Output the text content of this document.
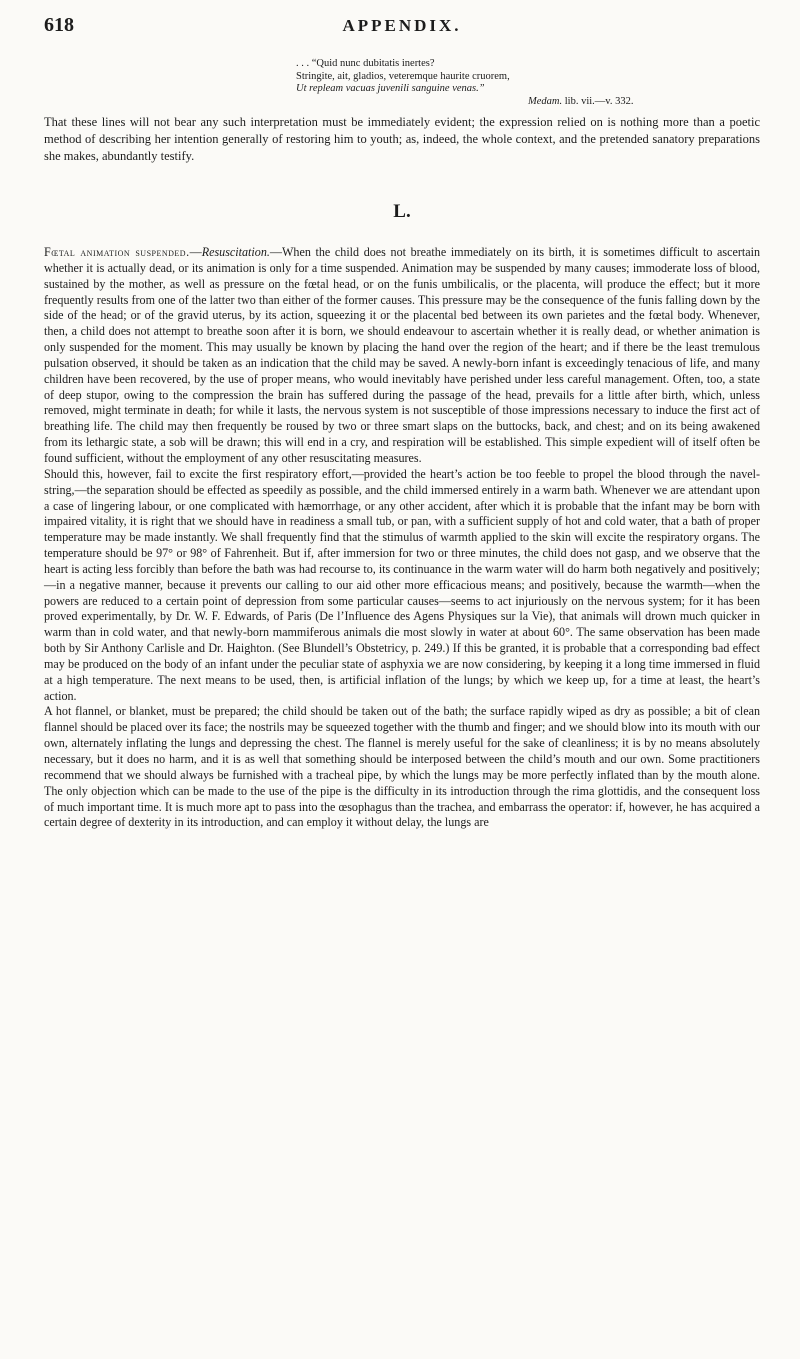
618	APPENDIX.
. . . “Quid nunc dubitatis inertes?
Stringite, ait, gladios, veteremque haurite cruorem,
Ut repleam vacuas juvenili sanguine venas.”
Medam. lib. vii.—v. 332.

That these lines will not bear any such interpretation must be immediately evident; the expression relied on is nothing more than a poetic method of describing her intention generally of restoring him to youth; as, indeed, the whole context, and the pretended sanatory preparations she makes, abundantly testify.

L.

Fœtal animation suspended.—Resuscitation.—When the child does not breathe immediately on its birth, it is sometimes difficult to ascertain whether it is actually dead, or its animation is only for a time suspended. Animation may be suspended by many causes; immoderate loss of blood, sustained by the mother, as well as pressure on the fœtal head, or on the funis umbilicalis, or the placenta, will produce the effect; but it more frequently results from one of the latter two than either of the former causes. This pressure may be the consequence of the funis falling down by the side of the head; or of the gravid uterus, by its action, squeezing it or the placental bed between its own parietes and the fœtal body. Whenever, then, a child does not attempt to breathe soon after it is born, we should endeavour to ascertain whether it is really dead, or whether animation is only suspended for the moment. This may usually be known by placing the hand over the region of the heart; and if there be the least tremulous pulsation observed, it should be taken as an indication that the child may be saved. A newly-born infant is exceedingly tenacious of life, and many children have been recovered, by the use of proper means, who would inevitably have perished under less careful management. Often, too, a state of deep stupor, owing to the compression the brain has suffered during the passage of the head, prevails for a little after birth, which, unless removed, might terminate in death; for while it lasts, the nervous system is not susceptible of those impressions necessary to induce the first act of breathing life. The child may then frequently be roused by two or three smart slaps on the buttocks, back, and chest; and on its being awakened from its lethargic state, a sob will be drawn; this will end in a cry, and respiration will be established. This simple expedient will of itself often be found sufficient, without the employment of any other resuscitating measures.

Should this, however, fail to excite the first respiratory effort,—provided the heart’s action be too feeble to propel the blood through the navel-string,—the separation should be effected as speedily as possible, and the child immersed entirely in a warm bath. Whenever we are attendant upon a case of lingering labour, or one complicated with hæmorrhage, or any other accident, after which it is probable that the infant may be born with impaired vitality, it is right that we should have in readiness a small tub, or pan, with a sufficient supply of hot and cold water, that a bath of proper temperature may be made instantly. We shall frequently find that the stimulus of warmth applied to the skin will excite the respiratory organs. The temperature should be 97° or 98° of Fahrenheit. But if, after immersion for two or three minutes, the child does not gasp, and we observe that the heart is acting less forcibly than before the bath was had recourse to, its continuance in the warm water will do harm both negatively and positively;—in a negative manner, because it prevents our calling to our aid other more efficacious means; and positively, because the warmth—when the powers are reduced to a certain point of depression from some particular causes—seems to act injuriously on the nervous system; for it has been proved experimentally, by Dr. W. F. Edwards, of Paris (De l’Influence des Agens Physiques sur la Vie), that animals will drown much quicker in warm than in cold water, and that newly-born mammiferous animals die most slowly in water at about 60°. The same observation has been made both by Sir Anthony Carlisle and Dr. Haighton. (See Blundell’s Obstetricy, p. 249.) If this be granted, it is probable that a corresponding bad effect may be produced on the body of an infant under the peculiar state of asphyxia we are now considering, by keeping it a long time immersed in fluid at a high temperature. The next means to be used, then, is artificial inflation of the lungs; by which we keep up, for a time at least, the heart’s action.

A hot flannel, or blanket, must be prepared; the child should be taken out of the bath; the surface rapidly wiped as dry as possible; a bit of clean flannel should be placed over its face; the nostrils may be squeezed together with the thumb and finger; and we should blow into its mouth with our own, alternately inflating the lungs and depressing the chest. The flannel is merely useful for the sake of cleanliness; it is by no means absolutely necessary, but it does no harm, and it is as well that something should be interposed between the child’s mouth and our own. Some practitioners recommend that we should always be furnished with a tracheal pipe, by which the lungs may be more perfectly inflated than by the mouth alone. The only objection which can be made to the use of the pipe is the difficulty in its introduction through the rima glottidis, and the consequent loss of much important time. It is much more apt to pass into the œsophagus than the trachea, and embarrass the operator: if, however, he has acquired a certain degree of dexterity in its introduction, and can employ it without delay, the lungs are
